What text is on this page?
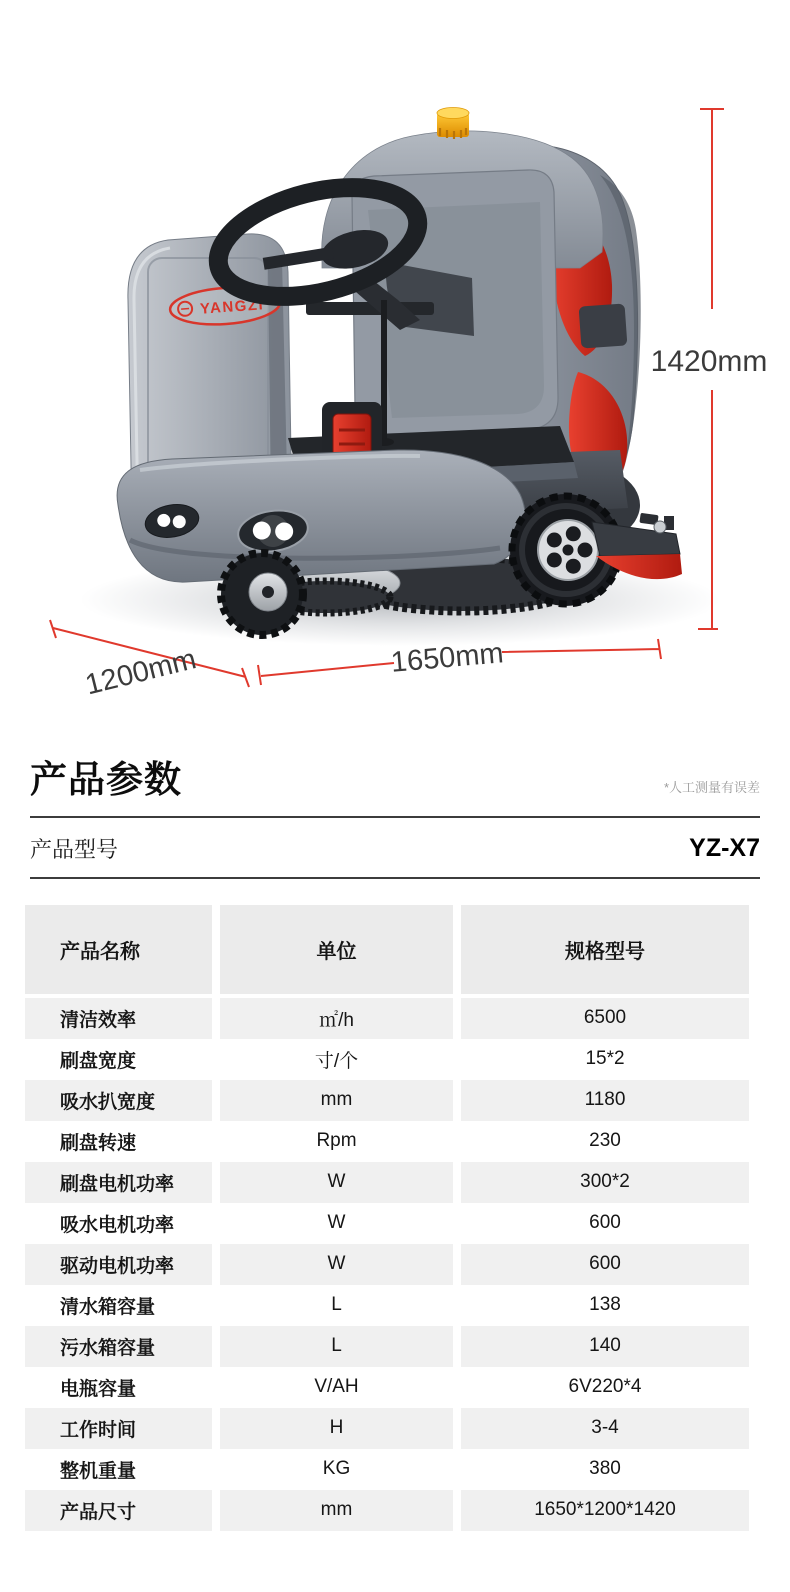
YANGZI
1420mm
1650mm
1200mm
产品参数	*人工测量有误差
产品型号	YZ-X7
产品名称	单位	规格型号
清洁效率	㎡/h	6500
刷盘宽度	寸/个	15*2
吸水扒宽度	mm	1180
刷盘转速	Rpm	230
刷盘电机功率	W	300*2
吸水电机功率	W	600
驱动电机功率	W	600
清水箱容量	L	138
污水箱容量	L	140
电瓶容量	V/AH	6V220*4
工作时间	H	3-4
整机重量	KG	380
产品尺寸	mm	1650*1200*1420
